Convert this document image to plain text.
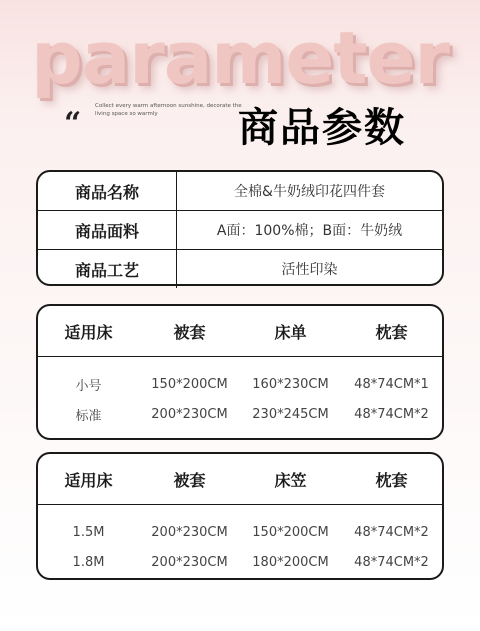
parameter
“ Collect every warm afternoon sunshine, decorate the living space so warmly	商品参数
商品名称	全棉&牛奶绒印花四件套
商品面料	A面：100%棉；B面：牛奶绒
商品工艺	活性印染
适用床	被套	床单	枕套
小号	150*200CM	160*230CM	48*74CM*1
标准	200*230CM	230*245CM	48*74CM*2
适用床	被套	床笠	枕套
1.5M	200*230CM	150*200CM	48*74CM*2
1.8M	200*230CM	180*200CM	48*74CM*2
